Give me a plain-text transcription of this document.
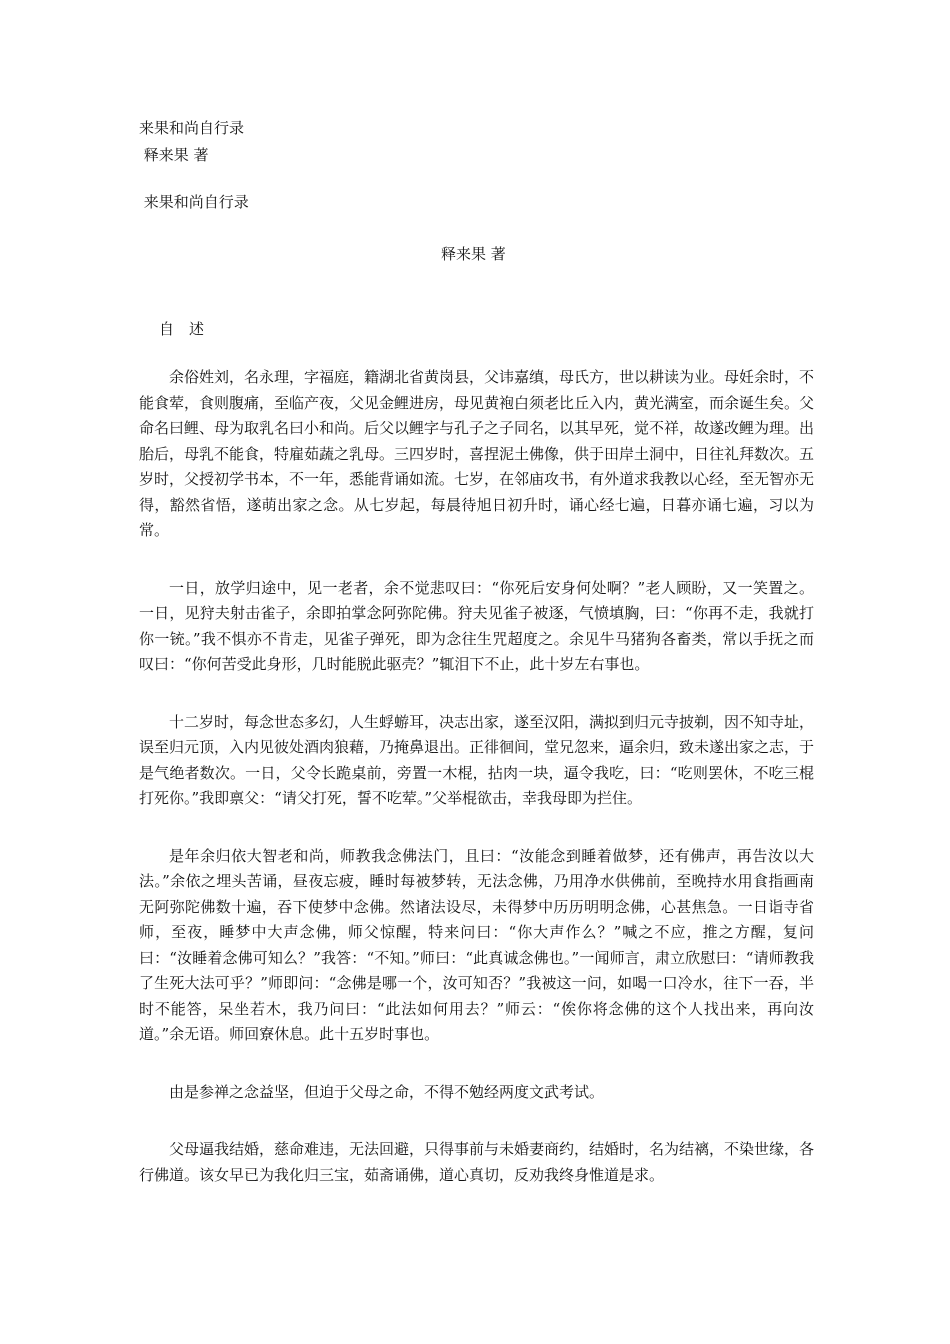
来果和尚自行录
释来果 著
来果和尚自行录
释来果 著
自　述

余俗姓刘，名永理，字福庭，籍湖北省黄岗县，父讳嘉缜，母氏方，世以耕读为业。母妊余时，不能食荤，食则腹痛，至临产夜，父见金鲤进房，母见黄袍白须老比丘入内，黄光满室，而余诞生矣。父命名曰鲤、母为取乳名曰小和尚。后父以鲤字与孔子之子同名，以其早死，觉不祥，故遂改鲤为理。出胎后，母乳不能食，特雇茹蔬之乳母。三四岁时，喜捏泥土佛像，供于田岸土洞中，日往礼拜数次。五岁时，父授初学书本，不一年，悉能背诵如流。七岁，在邻庙攻书，有外道求我教以心经，至无智亦无得，豁然省悟，遂萌出家之念。从七岁起，每晨待旭日初升时，诵心经七遍，日暮亦诵七遍，习以为常。

一日，放学归途中，见一老者，余不觉悲叹曰：“你死后安身何处啊？”老人顾盼，又一笑置之。一日，见狩夫射击雀子，余即拍掌念阿弥陀佛。狩夫见雀子被逐，气愤填胸，曰：“你再不走，我就打你一铳。”我不惧亦不肯走，见雀子弹死，即为念往生咒超度之。余见牛马猪狗各畜类，常以手抚之而叹曰：“你何苦受此身形，几时能脱此驱壳？”辄泪下不止，此十岁左右事也。

十二岁时，每念世态多幻，人生蜉蝣耳，决志出家，遂至汉阳，满拟到归元寺披剃，因不知寺址，误至归元顶，入内见彼处酒肉狼藉，乃掩鼻退出。正徘徊间，堂兄忽来，逼余归，致未遂出家之志，于是气绝者数次。一日，父令长跪桌前，旁置一木棍，拈肉一块，逼令我吃，曰：“吃则罢休，不吃三棍打死你。”我即禀父：“请父打死，誓不吃荤。”父举棍欲击，幸我母即为拦住。

是年余归依大智老和尚，师教我念佛法门，且曰：“汝能念到睡着做梦，还有佛声，再告汝以大法。”余依之埋头苦诵，昼夜忘疲，睡时每被梦转，无法念佛，乃用净水供佛前，至晚持水用食指画南无阿弥陀佛数十遍，吞下使梦中念佛。然诸法设尽，未得梦中历历明明念佛，心甚焦急。一日诣寺省师，至夜，睡梦中大声念佛，师父惊醒，特来问曰：“你大声作么？”喊之不应，推之方醒，复问曰：“汝睡着念佛可知么？”我答：“不知。”师曰：“此真诚念佛也。”一闻师言，肃立欣慰曰：“请师教我了生死大法可乎？”师即问：“念佛是哪一个，汝可知否？”我被这一问，如喝一口冷水，往下一吞，半时不能答，呆坐若木，我乃问曰：“此法如何用去？”师云：“俟你将念佛的这个人找出来，再向汝道。”余无语。师回寮休息。此十五岁时事也。

由是参禅之念益坚，但迫于父母之命，不得不勉经两度文武考试。

父母逼我结婚，慈命难违，无法回避，只得事前与未婚妻商约，结婚时，名为结褵，不染世缘，各行佛道。该女早已为我化归三宝，茹斋诵佛，道心真切，反劝我终身惟道是求。
